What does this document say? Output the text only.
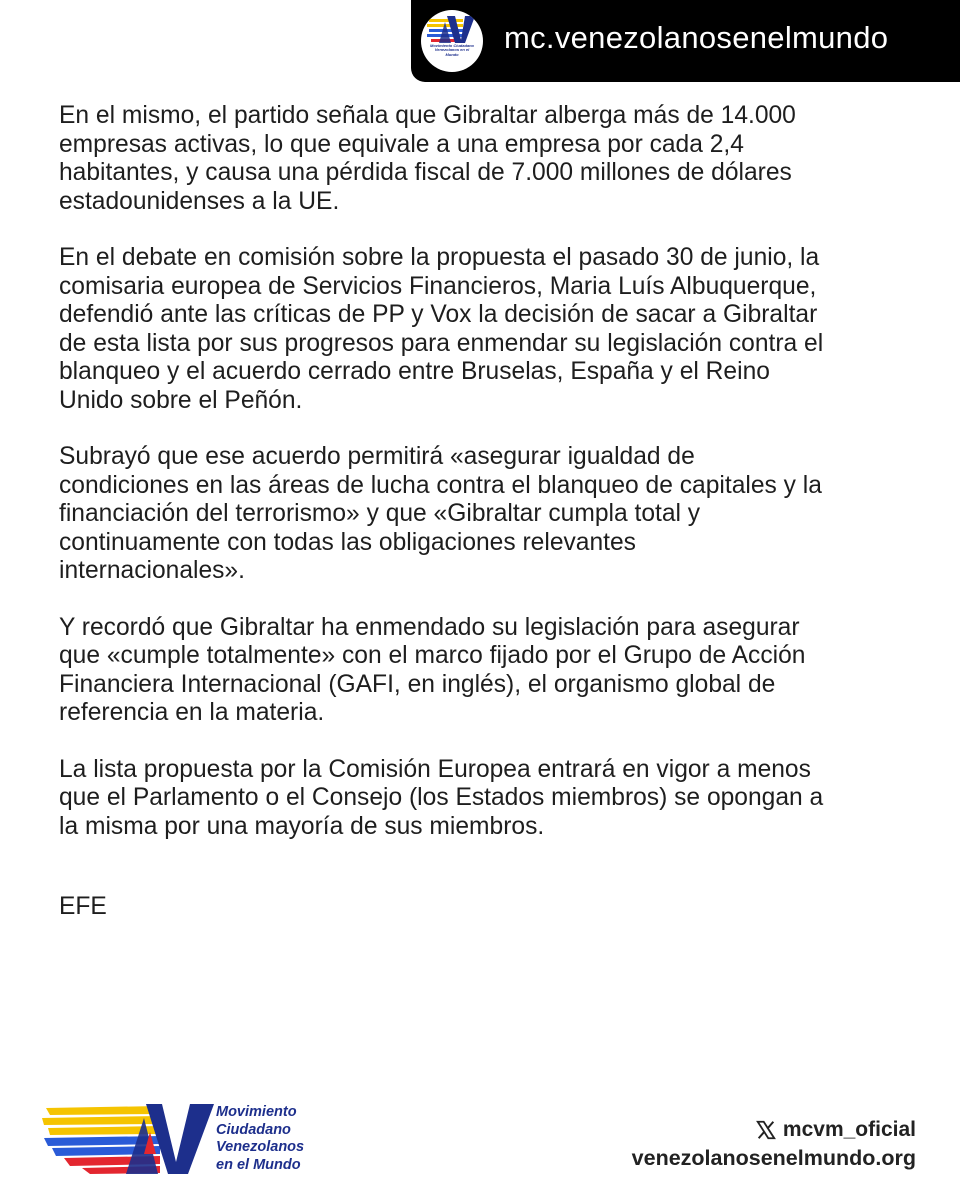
Movimiento Ciudadano Venezolanos en el Mundo	mc.venezolanosenelmundo

En el mismo, el partido señala que Gibraltar alberga más de 14.000
empresas activas, lo que equivale a una empresa por cada 2,4
habitantes, y causa una pérdida fiscal de 7.000 millones de dólares
estadounidenses a la UE.

En el debate en comisión sobre la propuesta el pasado 30 de junio, la
comisaria europea de Servicios Financieros, Maria Luís Albuquerque,
defendió ante las críticas de PP y Vox la decisión de sacar a Gibraltar
de esta lista por sus progresos para enmendar su legislación contra el
blanqueo y el acuerdo cerrado entre Bruselas, España y el Reino
Unido sobre el Peñón.

Subrayó que ese acuerdo permitirá «asegurar igualdad de
condiciones en las áreas de lucha contra el blanqueo de capitales y la
financiación del terrorismo» y que «Gibraltar cumpla total y
continuamente con todas las obligaciones relevantes
internacionales».

Y recordó que Gibraltar ha enmendado su legislación para asegurar
que «cumple totalmente» con el marco fijado por el Grupo de Acción
Financiera Internacional (GAFI, en inglés), el organismo global de
referencia en la materia.

La lista propuesta por la Comisión Europea entrará en vigor a menos
que el Parlamento o el Consejo (los Estados miembros) se opongan a
la misma por una mayoría de sus miembros.

EFE

Movimiento
Ciudadano
Venezolanos
en el Mundo
mcvm_oficial
venezolanosenelmundo.org
